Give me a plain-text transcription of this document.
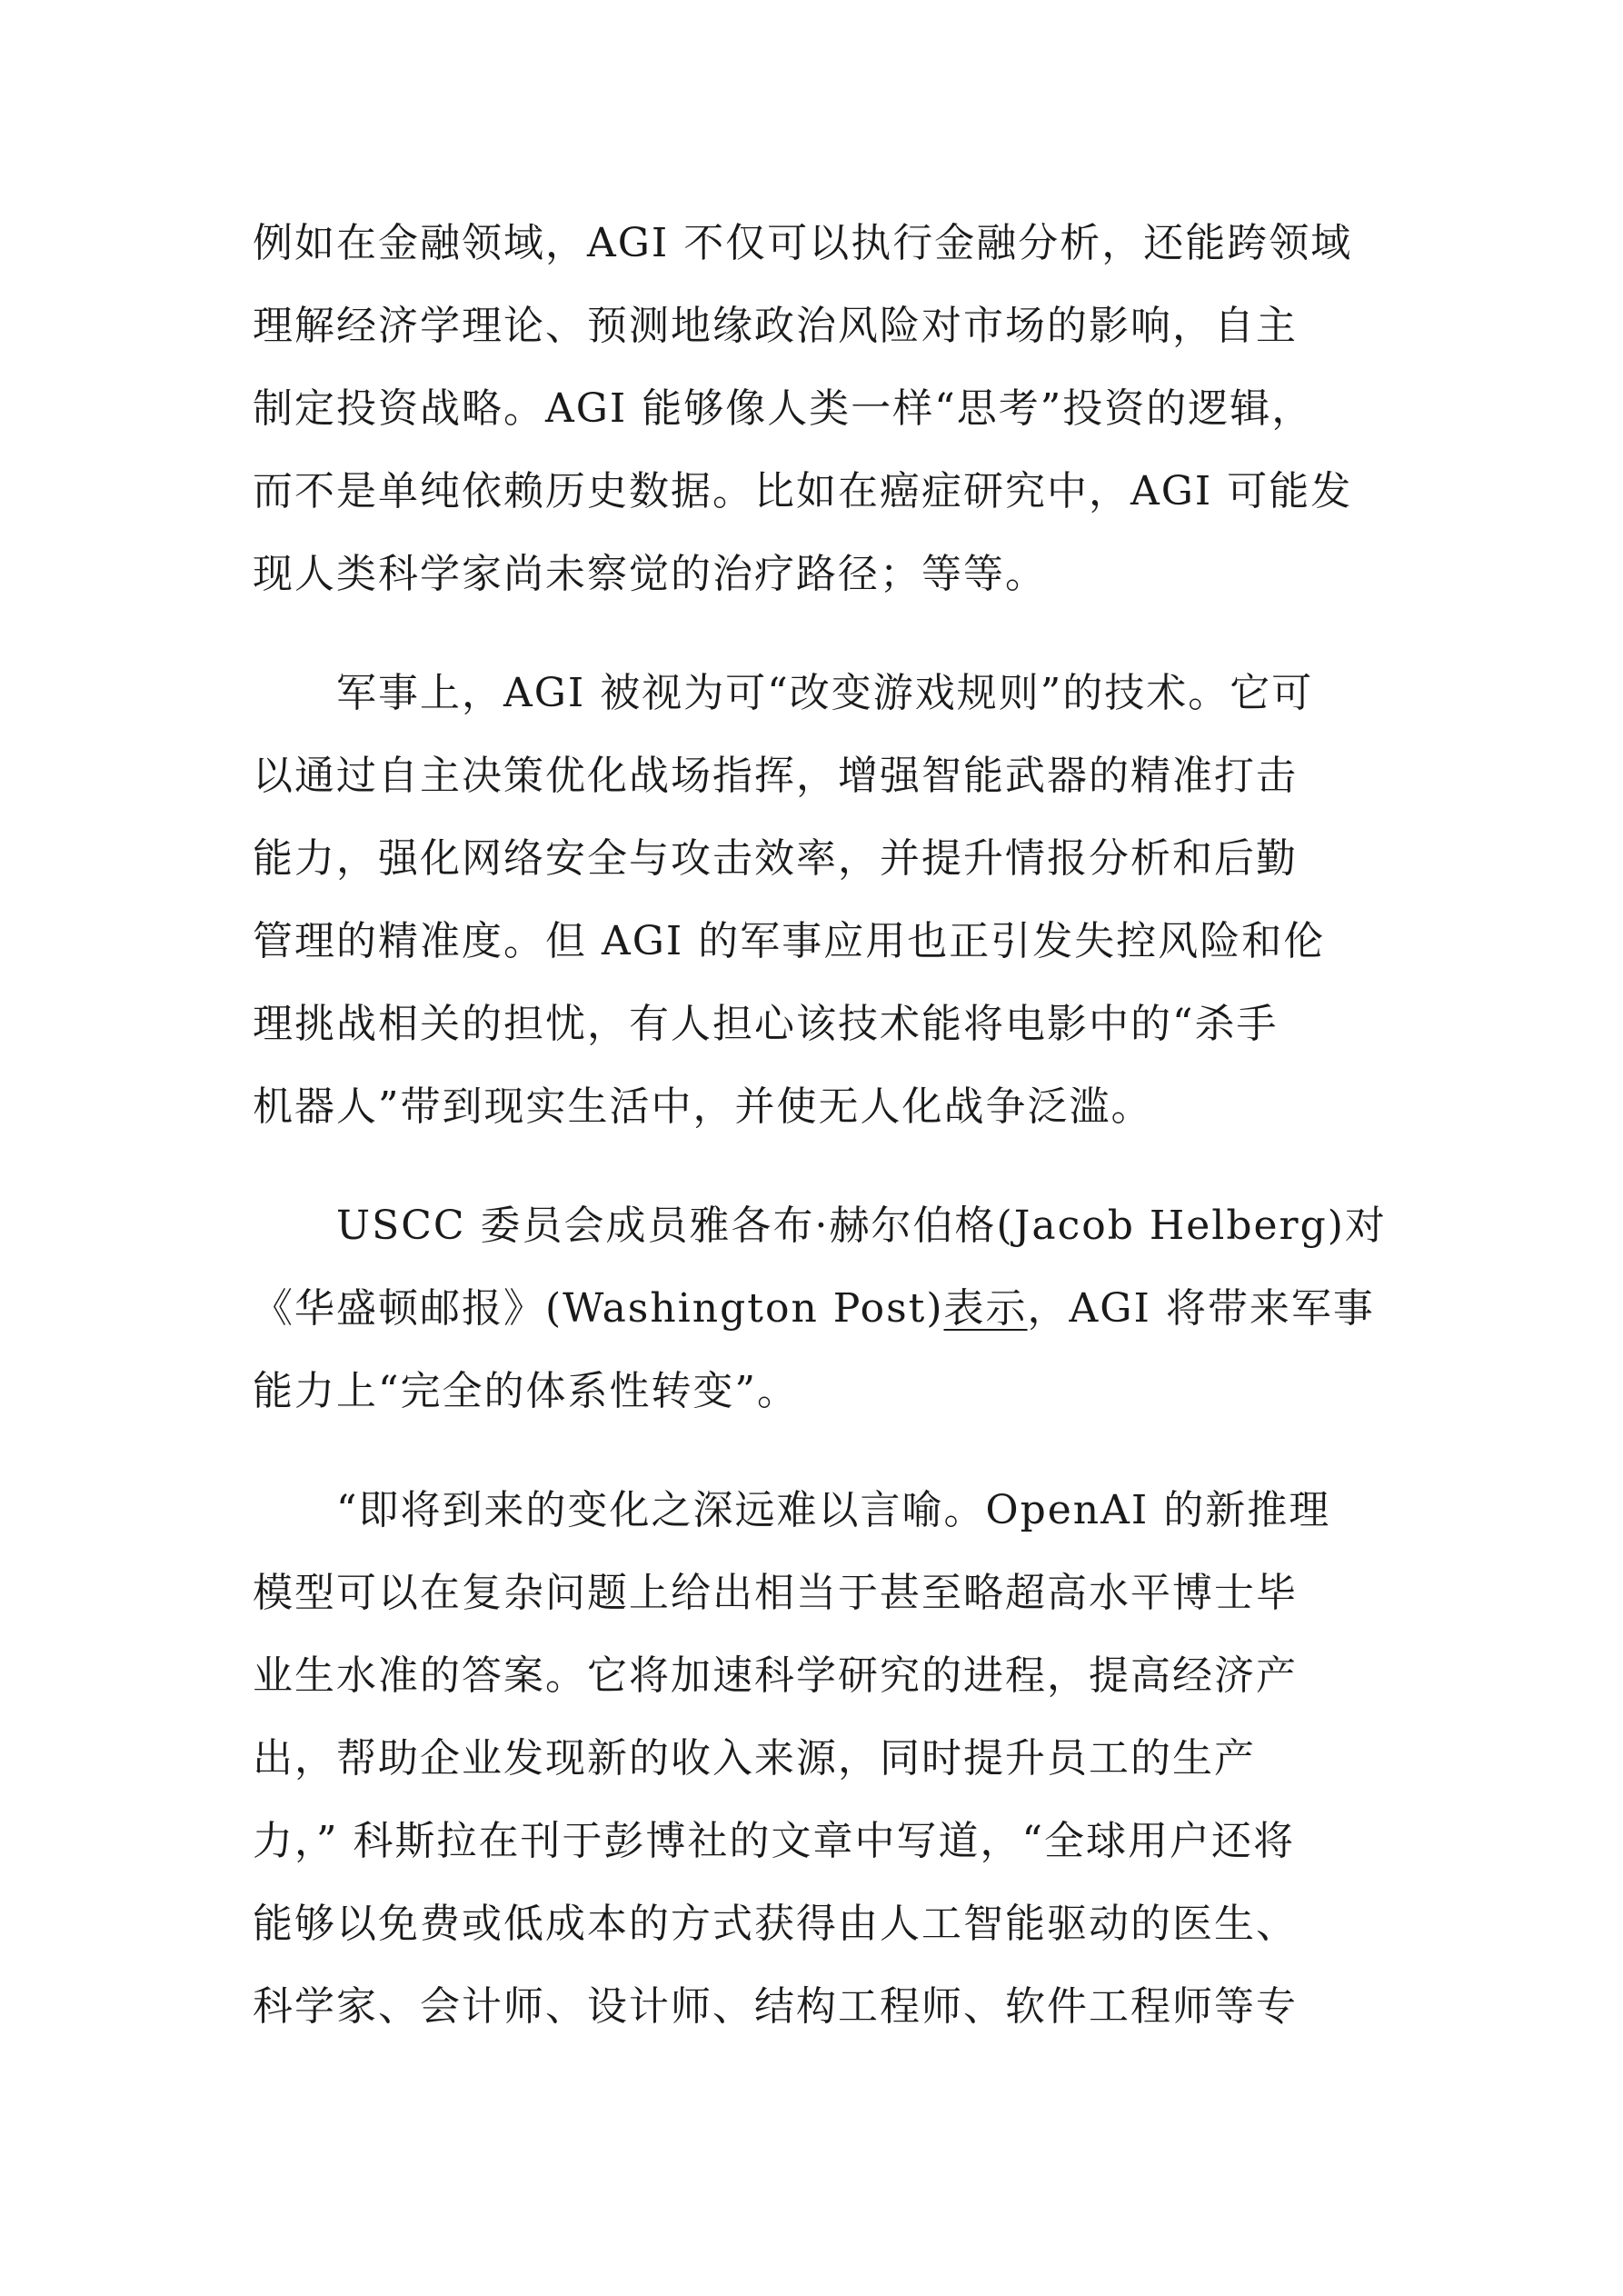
例如在金融领域，AGI 不仅可以执行金融分析，还能跨领域
理解经济学理论、预测地缘政治风险对市场的影响，自主
制定投资战略。AGI 能够像人类一样“思考”投资的逻辑，
而不是单纯依赖历史数据。比如在癌症研究中，AGI 可能发
现人类科学家尚未察觉的治疗路径；等等。
军事上，AGI 被视为可“改变游戏规则”的技术。它可
以通过自主决策优化战场指挥，增强智能武器的精准打击
能力，强化网络安全与攻击效率，并提升情报分析和后勤
管理的精准度。但 AGI 的军事应用也正引发失控风险和伦
理挑战相关的担忧，有人担心该技术能将电影中的“杀手
机器人”带到现实生活中，并使无人化战争泛滥。
USCC 委员会成员雅各布·赫尔伯格(Jacob Helberg)对
《华盛顿邮报》(Washington Post)表示，AGI 将带来军事
能力上“完全的体系性转变”。
“即将到来的变化之深远难以言喻。OpenAI 的新推理
模型可以在复杂问题上给出相当于甚至略超高水平博士毕
业生水准的答案。它将加速科学研究的进程，提高经济产
出，帮助企业发现新的收入来源，同时提升员工的生产
力，” 科斯拉在刊于彭博社的文章中写道，“全球用户还将
能够以免费或低成本的方式获得由人工智能驱动的医生、
科学家、会计师、设计师、结构工程师、软件工程师等专
